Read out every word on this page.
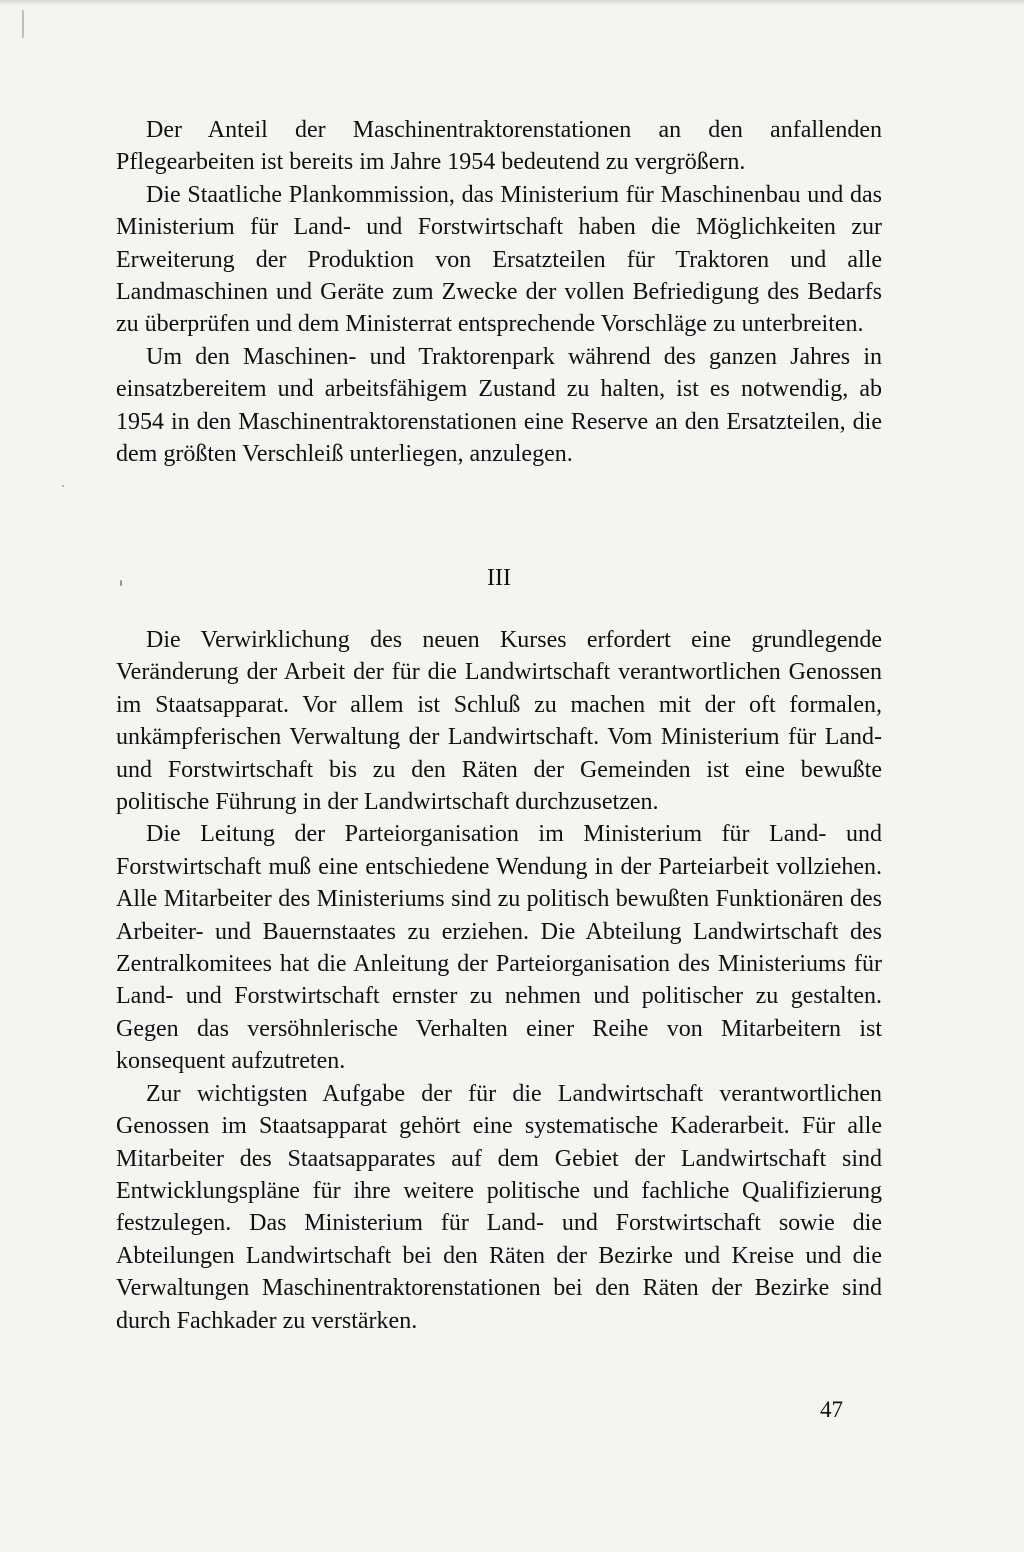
Der Anteil der Maschinentraktorenstationen an den anfallenden Pflegearbeiten ist bereits im Jahre 1954 bedeutend zu vergrößern.

Die Staatliche Plankommission, das Ministerium für Maschinenbau und das Ministerium für Land- und Forstwirtschaft haben die Möglichkeiten zur Erweiterung der Produktion von Ersatzteilen für Traktoren und alle Landmaschinen und Geräte zum Zwecke der vollen Befriedigung des Bedarfs zu überprüfen und dem Ministerrat entsprechende Vorschläge zu unterbreiten.

Um den Maschinen- und Traktorenpark während des ganzen Jahres in einsatzbereitem und arbeitsfähigem Zustand zu halten, ist es notwendig, ab 1954 in den Maschinentraktorenstationen eine Reserve an den Ersatzteilen, die dem größten Verschleiß unterliegen, anzulegen.

III

Die Verwirklichung des neuen Kurses erfordert eine grundlegende Veränderung der Arbeit der für die Landwirtschaft verantwortlichen Genossen im Staatsapparat. Vor allem ist Schluß zu machen mit der oft formalen, unkämpferischen Verwaltung der Landwirtschaft. Vom Ministerium für Land- und Forstwirtschaft bis zu den Räten der Gemeinden ist eine bewußte politische Führung in der Landwirtschaft durchzusetzen.

Die Leitung der Parteiorganisation im Ministerium für Land- und Forstwirtschaft muß eine entschiedene Wendung in der Parteiarbeit vollziehen. Alle Mitarbeiter des Ministeriums sind zu politisch bewußten Funktionären des Arbeiter- und Bauernstaates zu erziehen. Die Abteilung Landwirtschaft des Zentralkomitees hat die Anleitung der Parteiorganisation des Ministeriums für Land- und Forstwirtschaft ernster zu nehmen und politischer zu gestalten. Gegen das versöhnlerische Verhalten einer Reihe von Mitarbeitern ist konsequent aufzutreten.

Zur wichtigsten Aufgabe der für die Landwirtschaft verantwortlichen Genossen im Staatsapparat gehört eine systematische Kaderarbeit. Für alle Mitarbeiter des Staatsapparates auf dem Gebiet der Landwirtschaft sind Entwicklungspläne für ihre weitere politische und fachliche Qualifizierung festzulegen. Das Ministerium für Land- und Forstwirtschaft sowie die Abteilungen Landwirtschaft bei den Räten der Bezirke und Kreise und die Verwaltungen Maschinentraktorenstationen bei den Räten der Bezirke sind durch Fachkader zu verstärken.

47
